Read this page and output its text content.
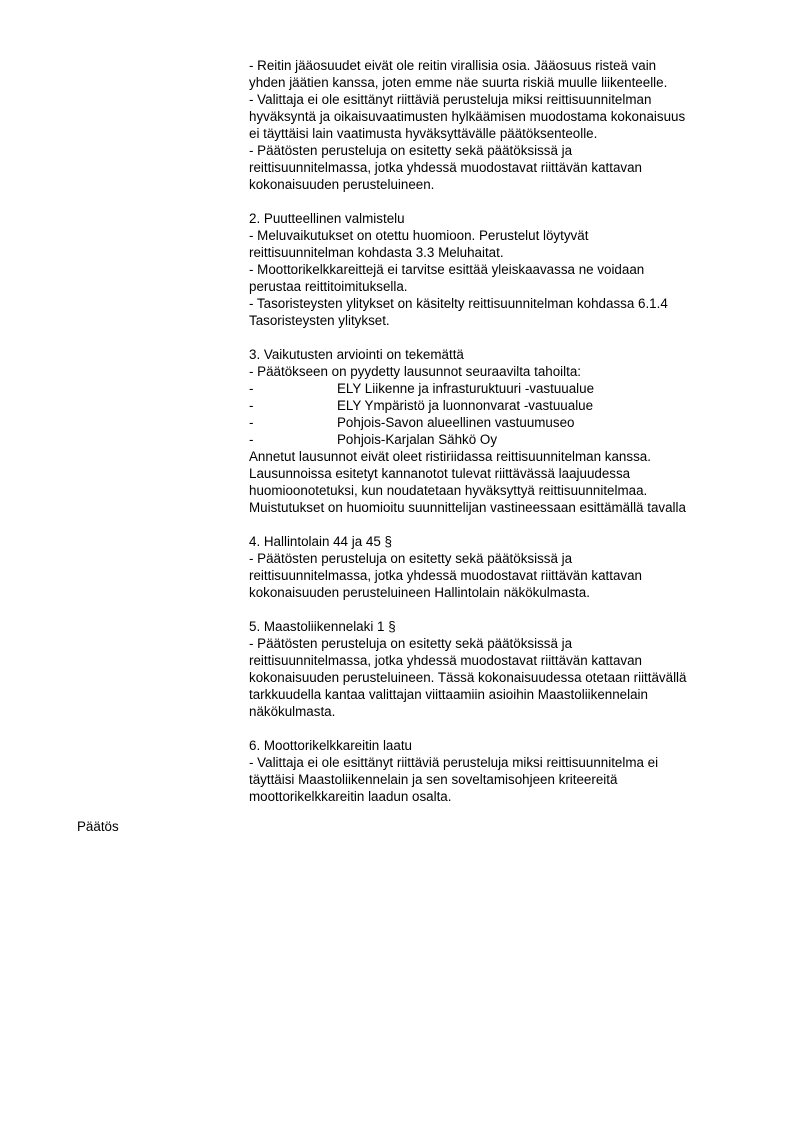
- Reitin jääosuudet eivät ole reitin virallisia osia. Jääosuus risteä vain
yhden jäätien kanssa, joten emme näe suurta riskiä muulle liikenteelle.
- Valittaja ei ole esittänyt riittäviä perusteluja miksi reittisuunnitelman
hyväksyntä ja oikaisuvaatimusten hylkäämisen muodostama kokonaisuus
ei täyttäisi lain vaatimusta hyväksyttävälle päätöksenteolle.
- Päätösten perusteluja on esitetty sekä päätöksissä ja
reittisuunnitelmassa, jotka yhdessä muodostavat riittävän kattavan
kokonaisuuden perusteluineen.
2. Puutteellinen valmistelu
- Meluvaikutukset on otettu huomioon. Perustelut löytyvät
reittisuunnitelman kohdasta 3.3 Meluhaitat.
- Moottorikelkkareittejä ei tarvitse esittää yleiskaavassa ne voidaan
perustaa reittitoimituksella.
- Tasoristeysten ylitykset on käsitelty reittisuunnitelman kohdassa 6.1.4
Tasoristeysten ylitykset.
3. Vaikutusten arviointi on tekemättä
- Päätökseen on pyydetty lausunnot seuraavilta tahoilta:
-	ELY Liikenne ja infrasturuktuuri -vastuualue
-	ELY Ympäristö ja luonnonvarat -vastuualue
-	Pohjois-Savon alueellinen vastuumuseo
-	Pohjois-Karjalan Sähkö Oy
Annetut lausunnot eivät oleet ristiriidassa reittisuunnitelman kanssa.
Lausunnoissa esitetyt kannanotot tulevat riittävässä laajuudessa
huomioonotetuksi, kun noudatetaan hyväksyttyä reittisuunnitelmaa.
Muistutukset on huomioitu suunnittelijan vastineessaan esittämällä tavalla
4. Hallintolain 44 ja 45 §
- Päätösten perusteluja on esitetty sekä päätöksissä ja
reittisuunnitelmassa, jotka yhdessä muodostavat riittävän kattavan
kokonaisuuden perusteluineen Hallintolain näkökulmasta.
5. Maastoliikennelaki 1 §
- Päätösten perusteluja on esitetty sekä päätöksissä ja
reittisuunnitelmassa, jotka yhdessä muodostavat riittävän kattavan
kokonaisuuden perusteluineen. Tässä kokonaisuudessa otetaan riittävällä
tarkkuudella kantaa valittajan viittaamiin asioihin Maastoliikennelain
näkökulmasta.
6. Moottorikelkkareitin laatu
- Valittaja ei ole esittänyt riittäviä perusteluja miksi reittisuunnitelma ei
täyttäisi Maastoliikennelain ja sen soveltamisohjeen kriteereitä
moottorikelkkareitin laadun osalta.
Päätös
